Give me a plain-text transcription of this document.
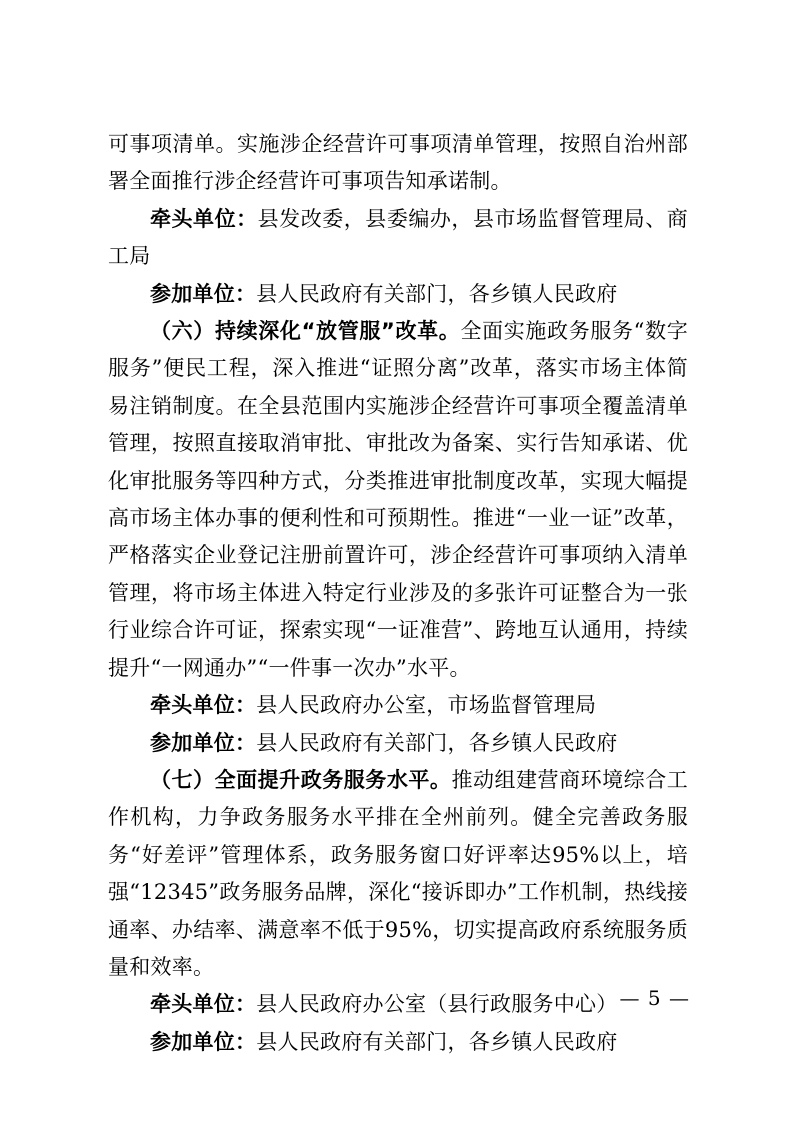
可事项清单。实施涉企经营许可事项清单管理，按照自治州部署全面推行涉企经营许可事项告知承诺制。

牵头单位：县发改委，县委编办，县市场监督管理局、商工局

参加单位：县人民政府有关部门，各乡镇人民政府

（六）持续深化“放管服”改革。全面实施政务服务“数字服务”便民工程，深入推进“证照分离”改革，落实市场主体简易注销制度。在全县范围内实施涉企经营许可事项全覆盖清单管理，按照直接取消审批、审批改为备案、实行告知承诺、优化审批服务等四种方式，分类推进审批制度改革，实现大幅提高市场主体办事的便利性和可预期性。推进“一业一证”改革，严格落实企业登记注册前置许可，涉企经营许可事项纳入清单管理，将市场主体进入特定行业涉及的多张许可证整合为一张行业综合许可证，探索实现“一证准营”、跨地互认通用，持续提升“一网通办”“一件事一次办”水平。

牵头单位：县人民政府办公室，市场监督管理局

参加单位：县人民政府有关部门，各乡镇人民政府

（七）全面提升政务服务水平。推动组建营商环境综合工作机构，力争政务服务水平排在全州前列。健全完善政务服务“好差评”管理体系，政务服务窗口好评率达95%以上，培强“12345”政务服务品牌，深化“接诉即办”工作机制，热线接通率、办结率、满意率不低于95%，切实提高政府系统服务质量和效率。

牵头单位：县人民政府办公室（县行政服务中心）

参加单位：县人民政府有关部门，各乡镇人民政府

— 5 —
